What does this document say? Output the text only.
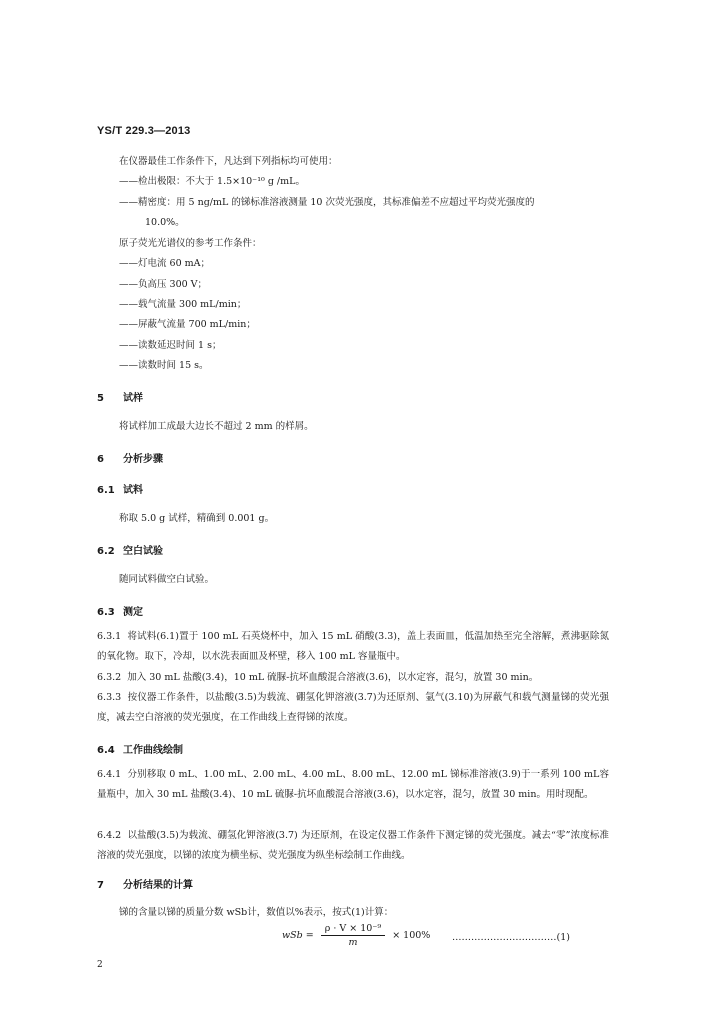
YS/T 229.3—2013
在仪器最佳工作条件下，凡达到下列指标均可使用：
——检出极限：不大于 1.5×10⁻¹⁰ g /mL。
——精密度：用 5 ng/mL 的锑标准溶液测量 10 次荧光强度，其标准偏差不应超过平均荧光强度的
10.0%。
原子荧光光谱仪的参考工作条件：
——灯电流 60 mA；
——负高压 300 V；
——载气流量 300 mL/min；
——屏蔽气流量 700 mL/min；
——读数延迟时间 1 s；
——读数时间 15 s。
5 试样
将试样加工成最大边长不超过 2 mm 的样屑。
6 分析步骤
6.1 试料
称取 5.0 g 试样，精确到 0.001 g。
6.2 空白试验
随同试料做空白试验。
6.3 测定
6.3.1 将试料(6.1)置于 100 mL 石英烧杯中，加入 15 mL 硝酸(3.3)，盖上表面皿，低温加热至完全溶解，煮沸驱除氮的氧化物。取下，冷却，以水洗表面皿及杯壁，移入 100 mL 容量瓶中。
6.3.2 加入 30 mL 盐酸(3.4)，10 mL 硫脲-抗坏血酸混合溶液(3.6)，以水定容，混匀，放置 30 min。
6.3.3 按仪器工作条件，以盐酸(3.5)为载流、硼氢化钾溶液(3.7)为还原剂、氩气(3.10)为屏蔽气和载气测量锑的荧光强度，减去空白溶液的荧光强度，在工作曲线上查得锑的浓度。
6.4 工作曲线绘制
6.4.1 分别移取 0 mL、1.00 mL、2.00 mL、4.00 mL、8.00 mL、12.00 mL 锑标准溶液(3.9)于一系列 100 mL容量瓶中，加入 30 mL 盐酸(3.4)、10 mL 硫脲-抗坏血酸混合溶液(3.6)，以水定容，混匀，放置 30 min。用时现配。
6.4.2 以盐酸(3.5)为载流、硼氢化钾溶液(3.7) 为还原剂，在设定仪器工作条件下测定锑的荧光强度。减去“零”浓度标准溶液的荧光强度，以锑的浓度为横坐标、荧光强度为纵坐标绘制工作曲线。
7 分析结果的计算
锑的含量以锑的质量分数 wSb计，数值以%表示，按式(1)计算：
wSb = $\frac{\text{ρ · V × 10⁻⁹}}{m} \times 100\%$ ……………………………(1)
2
